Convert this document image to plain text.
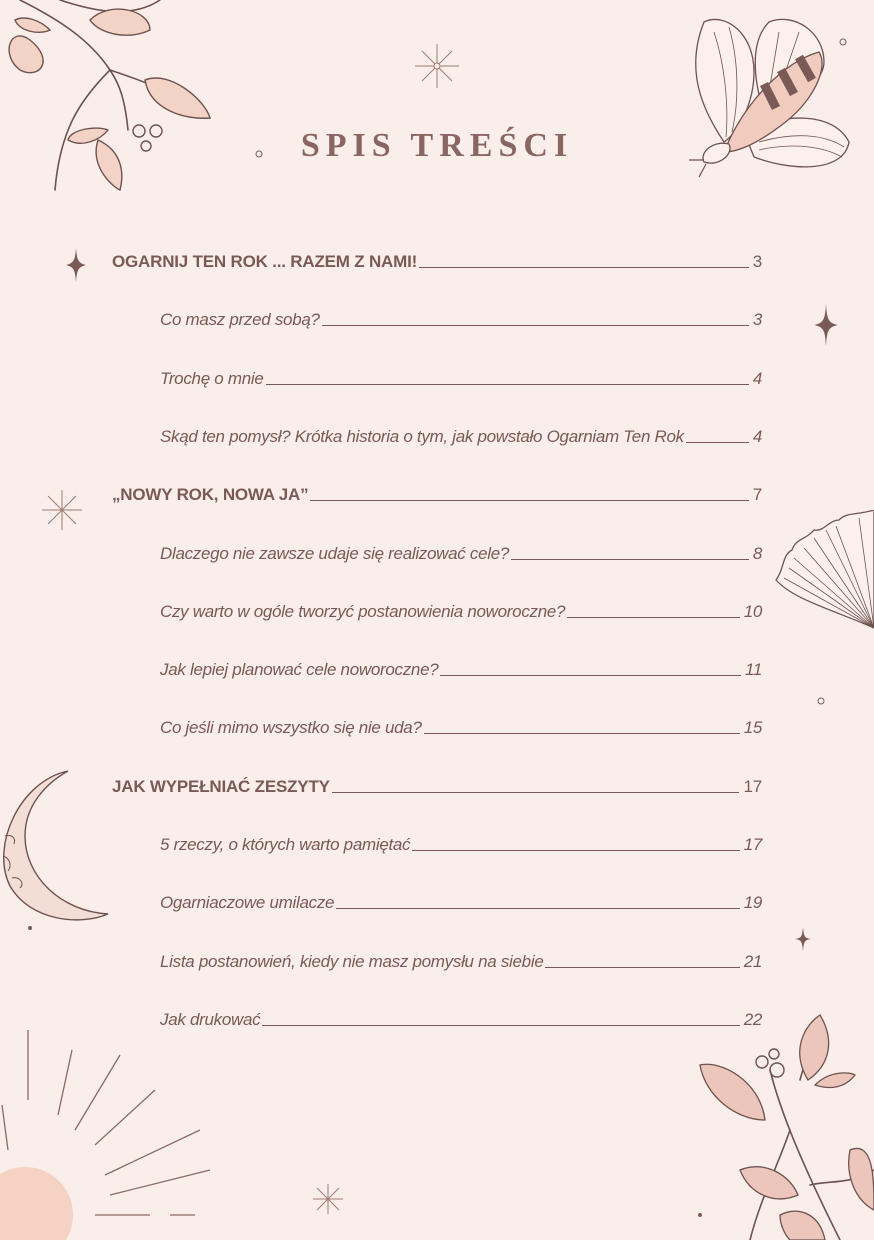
SPIS TREŚCI
OGARNIJ TEN ROK ... RAZEM Z NAMI!	3
Co masz przed sobą?	3
Trochę o mnie	4
Skąd ten pomysł? Krótka historia o tym, jak powstało Ogarniam Ten Rok	4
„NOWY ROK, NOWA JA”	7
Dlaczego nie zawsze udaje się realizować cele?	8
Czy warto w ogóle tworzyć postanowienia noworoczne?	10
Jak lepiej planować cele noworoczne?	11
Co jeśli mimo wszystko się nie uda?	15
JAK WYPEŁNIAĆ ZESZYTY	17
5 rzeczy, o których warto pamiętać	17
Ogarniaczowe umilacze	19
Lista postanowień, kiedy nie masz pomysłu na siebie	21
Jak drukować	22
